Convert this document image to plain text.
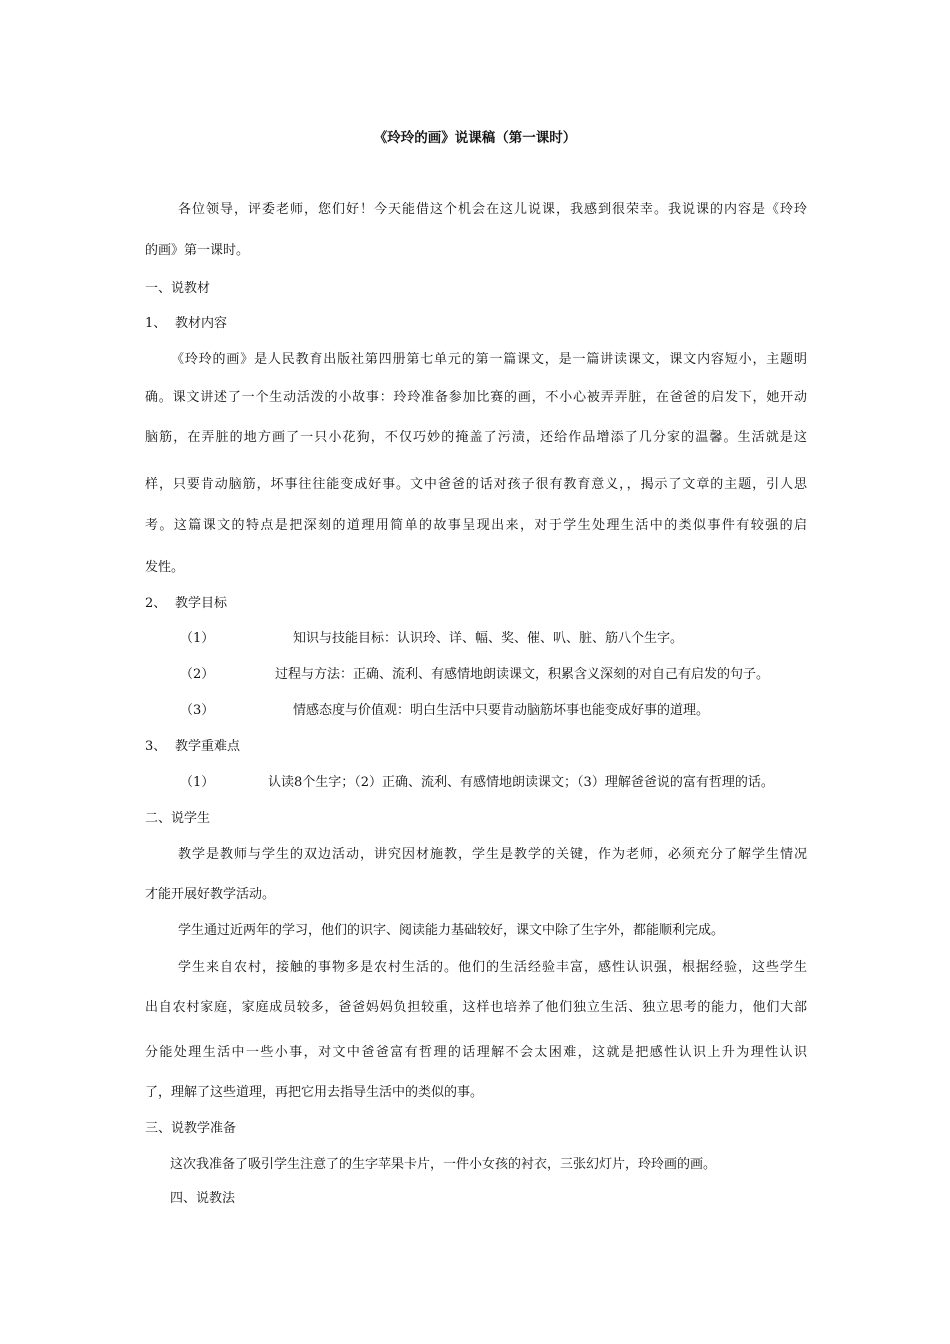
《玲玲的画》说课稿（第一课时）
各位领导，评委老师，您们好！今天能借这个机会在这儿说课，我感到很荣幸。我说课的内容是《玲玲
的画》第一课时。
一、说教材
1、 教材内容
《玲玲的画》是人民教育出版社第四册第七单元的第一篇课文，是一篇讲读课文，课文内容短小，主题明
确。课文讲述了一个生动活泼的小故事：玲玲准备参加比赛的画，不小心被弄弄脏，在爸爸的启发下，她开动
脑筋，在弄脏的地方画了一只小花狗，不仅巧妙的掩盖了污渍，还给作品增添了几分家的温馨。生活就是这
样，只要肯动脑筋，坏事往往能变成好事。文中爸爸的话对孩子很有教育意义，，揭示了文章的主题，引人思
考。这篇课文的特点是把深刻的道理用简单的故事呈现出来，对于学生处理生活中的类似事件有较强的启
发性。
2、 教学目标
（1）	知识与技能目标：认识玲、详、幅、奖、催、叭、脏、筋八个生字。
（2）	过程与方法：正确、流利、有感情地朗读课文，积累含义深刻的对自己有启发的句子。
（3）	情感态度与价值观：明白生活中只要肯动脑筋坏事也能变成好事的道理。
3、 教学重难点
（1）	认读8个生字；（2）正确、流利、有感情地朗读课文；（3）理解爸爸说的富有哲理的话。
二、说学生
教学是教师与学生的双边活动，讲究因材施教，学生是教学的关键，作为老师，必须充分了解学生情况
才能开展好教学活动。
学生通过近两年的学习，他们的识字、阅读能力基础较好，课文中除了生字外，都能顺利完成。
学生来自农村，接触的事物多是农村生活的。他们的生活经验丰富，感性认识强，根据经验，这些学生
出自农村家庭，家庭成员较多，爸爸妈妈负担较重，这样也培养了他们独立生活、独立思考的能力，他们大部
分能处理生活中一些小事，对文中爸爸富有哲理的话理解不会太困难，这就是把感性认识上升为理性认识
了，理解了这些道理，再把它用去指导生活中的类似的事。
三、说教学准备
这次我准备了吸引学生注意了的生字苹果卡片，一件小女孩的衬衣，三张幻灯片，玲玲画的画。
四、说教法
